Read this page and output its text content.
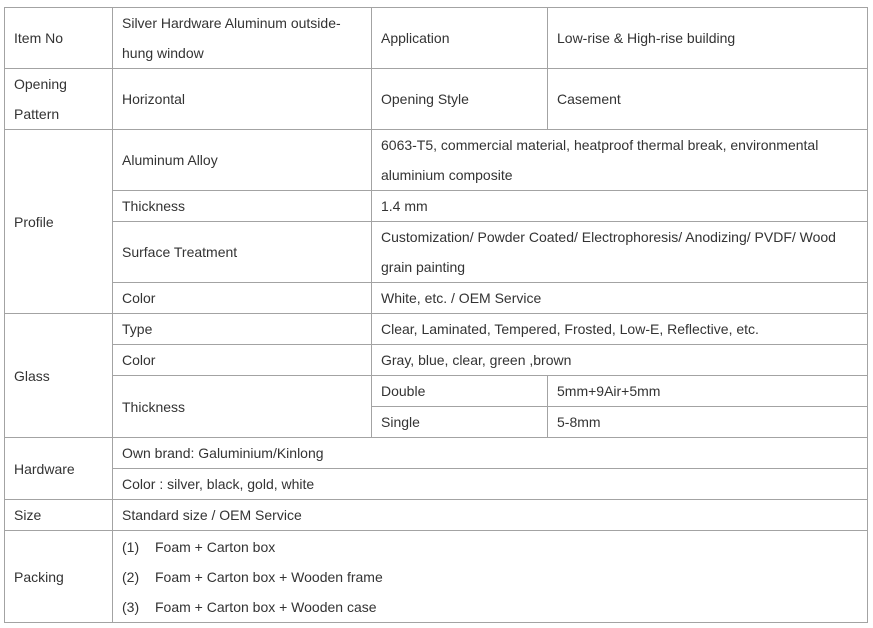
Item No	Silver Hardware Aluminum outside-hung window	Application	Low-rise & High-rise building
Opening Pattern	Horizontal	Opening Style	Casement
Profile	Aluminum Alloy	6063-T5, commercial material, heatproof thermal break, environmental aluminium composite	
	Thickness	1.4 mm	
	Surface Treatment	Customization/ Powder Coated/ Electrophoresis/ Anodizing/ PVDF/ Wood grain painting	
	Color	White, etc. / OEM Service	
Glass	Type	Clear, Laminated, Tempered, Frosted, Low-E, Reflective, etc.	
	Color	Gray, blue, clear, green ,brown	
	Thickness	Double	5mm+9Air+5mm
		Single	5-8mm
Hardware	Own brand: Galuminium/Kinlong		
	Color : silver, black, gold, white		
Size	Standard size / OEM Service		
Packing	(1) Foam + Carton box
(2) Foam + Carton box + Wooden frame
(3) Foam + Carton box + Wooden case		
